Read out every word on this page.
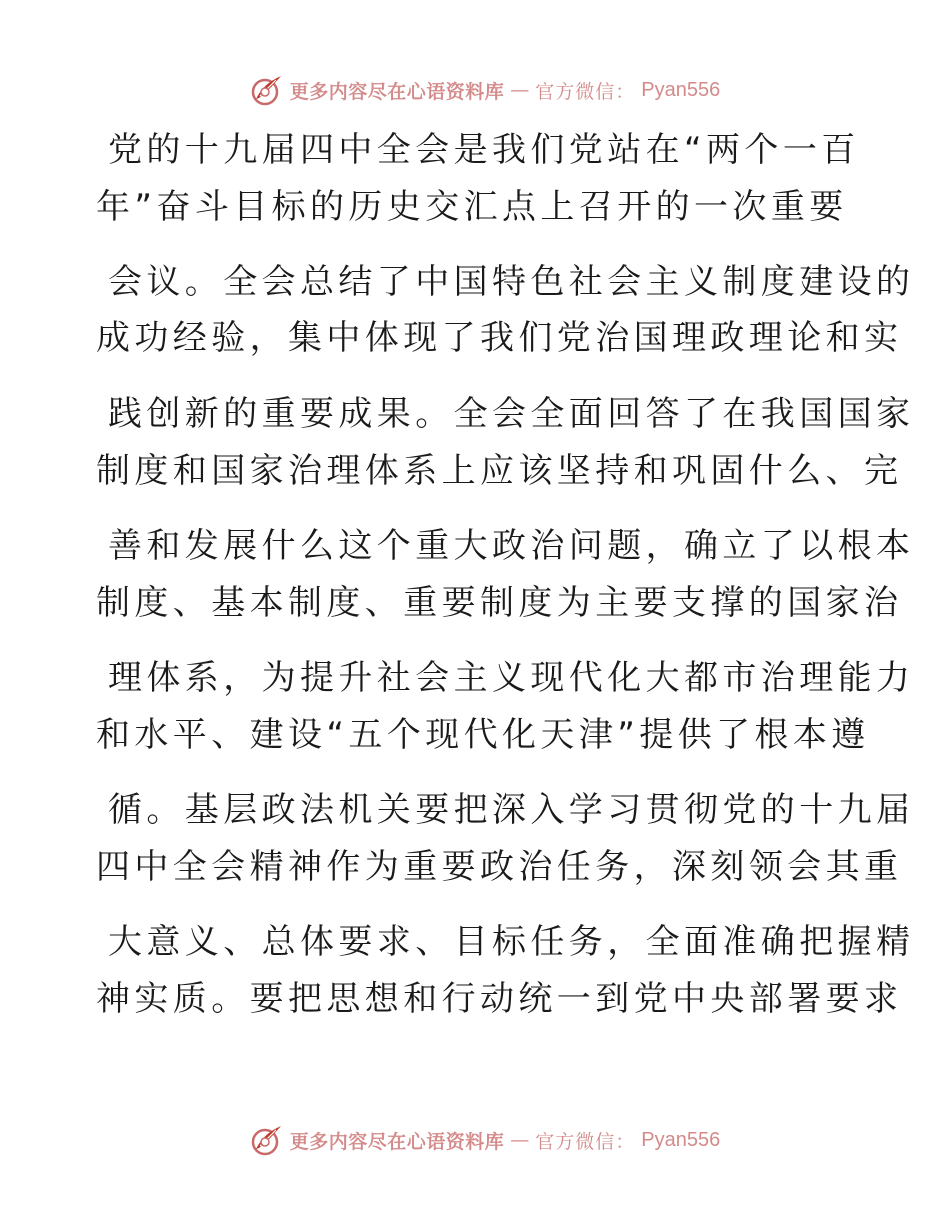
更多内容尽在心语资料库 — 官方微信： Pyan556
党的十九届四中全会是我们党站在“两个一百
年”奋斗目标的历史交汇点上召开的一次重要
会议。全会总结了中国特色社会主义制度建设的
成功经验，集中体现了我们党治国理政理论和实
践创新的重要成果。全会全面回答了在我国国家
制度和国家治理体系上应该坚持和巩固什么、完
善和发展什么这个重大政治问题，确立了以根本
制度、基本制度、重要制度为主要支撑的国家治
理体系，为提升社会主义现代化大都市治理能力
和水平、建设“五个现代化天津”提供了根本遵
循。基层政法机关要把深入学习贯彻党的十九届
四中全会精神作为重要政治任务，深刻领会其重
大意义、总体要求、目标任务，全面准确把握精
神实质。要把思想和行动统一到党中央部署要求
更多内容尽在心语资料库 — 官方微信： Pyan556
